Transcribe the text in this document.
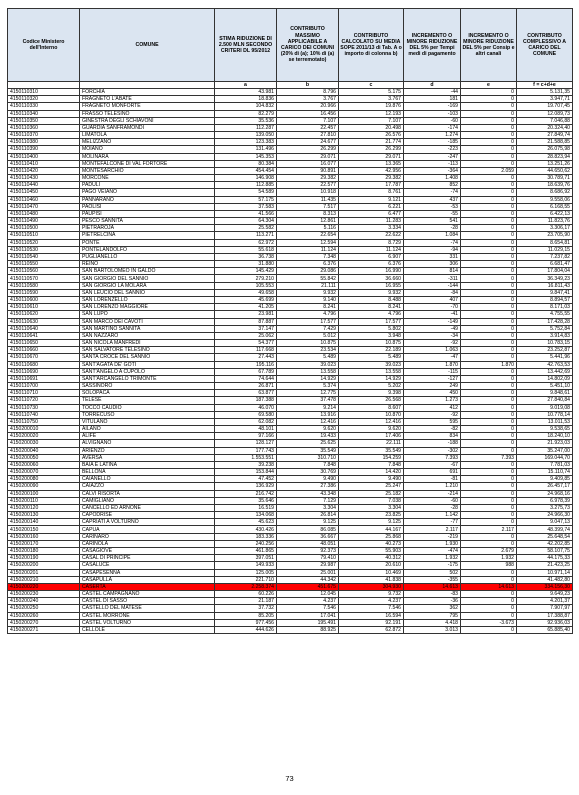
Codice Ministero dell'Interno	COMUNE	STIMA RIDUZIONE DI 2.500 MLN SECONDO CRITERI DL 95/2012	CONTRIBUTO MASSIMO APPLICABILE A CARICO DEI COMUNI (20% di (a); 10% di (a) se terremotato)	CONTRIBUTO CALCOLATO SU MEDIA SOPE 2011/13 di Tab. A o importo di colonna b)	INCREMENTO O MINORE RIDUZIONE DEL 5% per Tempi medi di pagamento	INCREMENTO O MINORE RIDUZIONE DEL 5% per Consip e altri canali	CONTRIBUTO COMPLESSIVO A CARICO DEL COMUNE
		a	b	c	d	e	f = c+d+e
4150110310	FORCHIA	43.981	8.796	5.175	-44	0	5.131,35
4150110320	FRAGNETO L'ABATE	18.836	3.767	3.767	181	0	3.947,71
4150110330	FRAGNETO MONFORTE	104.832	20.966	19.876	-169	0	19.707,45
4150110340	FRASSO TELESINO	82.279	16.456	12.193	-103	0	12.089,73
4150110350	GINESTRA DEGLI SCHIAVONI	35.536	7.107	7.107	-60	0	7.046,88
4150110360	GUARDIA SANFRAMONDI	112.287	22.457	20.498	-174	0	20.324,40
4150110370	LIMATOLA	139.050	27.810	26.576	1.274	0	27.849,74
4150110380	MELIZZANO	123.383	24.677	21.774	-185	0	21.588,85
4150110390	MOIANO	131.496	26.299	26.299	-223	0	26.075,98
4150110400	MOLINARA	145.353	29.071	29.071	-247	0	28.823,94
4150110410	MONTEFALCONE DI VAL FORTORE	80.384	16.077	13.365	-113	0	13.251,26
4150110420	MONTESARCHIO	454.454	90.891	42.956	-364	2.059	44.650,62
4150110430	MORCONE	146.908	29.382	29.382	1.408	0	30.789,71
4150110440	PADULI	112.885	22.577	17.787	852	0	18.639,76
4150110450	PAGO VEIANO	54.589	10.918	8.761	-74	0	8.686,92
4150110460	PANNARANO	57.175	11.435	9.121	437	0	9.558,06
4150110470	PAOLISI	37.583	7.517	6.221	-53	0	6.168,55
4150110480	PAUPISI	41.566	8.313	6.477	-55	0	6.422,13
4150110490	PESCO SANNITA	64.304	12.861	11.283	541	0	11.823,76
4150110500	PIETRAROJA	25.582	5.116	3.334	-28	0	3.306,17
4150110510	PIETRELCINA	113.271	22.654	22.622	1.084	0	23.705,90
4150110520	PONTE	62.972	12.594	8.729	-74	0	8.654,81
4150110530	PONTELANDOLFO	55.618	11.124	11.124	-94	0	11.029,15
4150110540	PUGLIANELLO	36.738	7.348	6.907	331	0	7.237,82
4150110550	REINO	31.880	6.376	6.376	306	0	6.681,47
4150110560	SAN BARTOLOMEO IN GALDO	145.429	29.086	16.990	814	0	17.804,04
4150110570	SAN GIORGIO DEL SANNIO	279.210	55.842	36.660	-311	0	36.349,23
4150110580	SAN GIORGIO LA MOLARA	105.553	21.111	16.955	-144	0	16.811,43
4150110590	SAN LEUCIO DEL SANNIO	49.658	9.932	9.932	-84	0	9.847,41
4150110600	SAN LORENZELLO	45.699	9.140	8.488	407	0	8.894,57
4150110610	SAN LORENZO MAGGIORE	41.205	8.241	8.241	-70	0	8.171,03
4150110620	SAN LUPO	23.981	4.796	4.796	-41	0	4.755,55
4150110630	SAN MARCO DEI CAVOTI	87.887	17.577	17.577	-149	0	17.428,28
4150110640	SAN MARTINO SANNITA	37.147	7.429	5.802	-49	0	5.752,84
4150110641	SAN NAZZARO	25.062	5.012	3.948	-34	0	3.914,83
4150110650	SAN NICOLA MANFREDI	54.377	10.875	10.875	-92	0	10.783,15
4150110660	SAN SALVATORE TELESINO	117.668	23.534	22.189	1.063	0	23.252,87
4150110670	SANTA CROCE DEL SANNIO	27.443	5.489	5.489	-47	0	5.441,96
4150110680	SANT'AGATA DE' GOTI	195.116	39.023	39.023	1.870	1.870	42.763,53
4150110690	SANT'ANGELO A CUPOLO	67.789	13.558	13.558	-115	0	13.442,69
4150110691	SANT'ARCANGELO TRIMONTE	74.644	14.929	14.929	-127	0	14.802,09
4150110700	SASSINORO	26.871	5.374	5.202	249	0	5.451,10
4150110710	SOLOPACA	63.877	12.775	9.398	450	0	9.848,61
4150110720	TELESE	187.388	37.478	26.568	1.273	0	27.840,84
4150110730	TOCCO CAUDIO	46.070	9.214	8.607	412	0	9.019,08
4150110740	TORRECUSO	69.580	13.916	10.870	-92	0	10.778,14
4150110750	VITULANO	62.082	12.416	12.416	595	0	13.011,53
4150200010	AILANO	48.101	9.620	9.620	-82	0	9.538,65
4150200020	ALIFE	97.166	19.433	17.406	834	0	18.240,10
4150200030	ALVIGNANO	128.127	25.625	22.111	-188	0	21.923,03
4150200040	ARIENZO	177.743	35.549	35.549	-302	0	35.247,00
4150200050	AVERSA	1.553.551	310.710	154.259	7.393	7.393	169.044,70
4150200060	BAIA E LATINA	39.238	7.848	7.848	-67	0	7.781,03
4150200070	BELLONA	153.844	30.769	14.420	691	0	15.110,74
4150200080	CAIANELLO	47.452	9.490	9.490	-81	0	9.409,85
4150200090	CAIAZZO	136.929	27.386	25.247	1.210	0	26.457,17
4150200100	CALVI RISORTA	216.742	43.348	25.182	-214	0	24.968,16
4150200110	CAMIGLIANO	35.646	7.129	7.038	-60	0	6.978,39
4150200120	CANCELLO ED ARNONE	16.519	3.304	3.304	-28	0	3.275,73
4150200130	CAPODRISE	134.068	26.814	23.825	1.142	0	24.966,30
4150200140	CAPRIATI A VOLTURNO	45.623	9.125	9.125	-77	0	9.047,13
4150200150	CAPUA	430.426	86.085	44.167	2.117	2.117	48.399,74
4150200160	CARINARO	183.336	36.667	25.868	-219	0	25.648,54
4150200170	CARINOLA	240.256	48.051	40.273	1.930	0	42.202,85
4150200180	CASAGIOVE	461.865	92.373	55.903	-474	2.679	58.107,75
4150200190	CASAL DI PRINCIPE	397.051	79.410	40.312	1.932	1.932	44.175,33
4150200200	CASALUCE	149.933	29.987	20.610	-175	988	21.423,25
4150200201	CASAPESENNA	125.005	25.001	10.469	502	0	10.971,14
4150200210	CASAPULLA	221.710	44.342	41.838	-355	0	41.482,80
4150200220	CASERTA	2.258.374	451.675	304.930	14.613	14.613	334.156,30
4150200230	CASTEL CAMPAGNANO	60.226	12.045	9.732	-83	0	9.649,23
4150200240	CASTEL DI SASSO	21.187	4.237	4.237	-36	0	4.201,37
4150200250	CASTELLO DEL MATESE	37.732	7.546	7.546	362	0	7.907,97
4150200260	CASTEL MORRONE	85.205	17.041	16.594	795	0	17.388,87
4150200270	CASTEL VOLTURNO	977.456	195.491	92.191	4.418	-3.673	92.936,03
4150200271	CELLOLE	444.626	88.925	62.872	3.013	0	65.885,40
73
